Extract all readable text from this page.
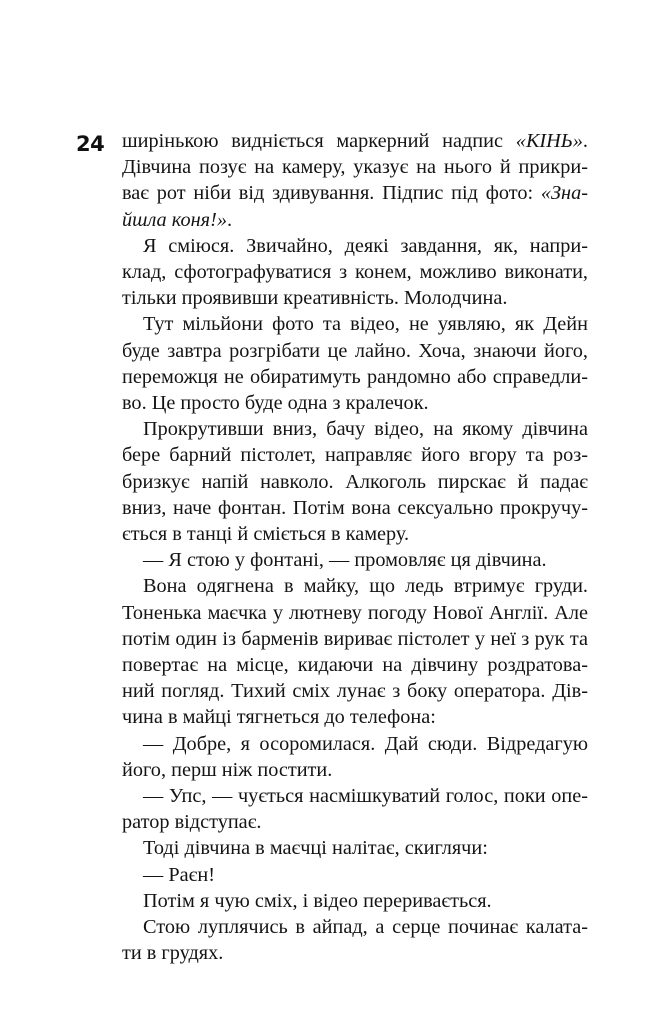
24 ширінькою видніється маркерний надпис «КІНЬ».
Дівчина позує на камеру, указує на нього й прикри-
ває рот ніби від здивування. Підпис під фото: «Зна-
йшла коня!».
Я сміюся. Звичайно, деякі завдання, як, напри-
клад, сфотографуватися з конем, можливо виконати,
тільки проявивши креативність. Молодчина.
Тут мільйони фото та відео, не уявляю, як Дейн
буде завтра розгрібати це лайно. Хоча, знаючи його,
переможця не обиратимуть рандомно або справедли-
во. Це просто буде одна з кралечок.
Прокрутивши вниз, бачу відео, на якому дівчина
бере барний пістолет, направляє його вгору та роз-
бризкує напій навколо. Алкоголь пирскає й падає
вниз, наче фонтан. Потім вона сексуально прокручу-
ється в танці й сміється в камеру.
— Я стою у фонтані, — промовляє ця дівчина.
Вона одягнена в майку, що ледь втримує груди.
Тоненька маєчка у лютневу погоду Нової Англії. Але
потім один із барменів вириває пістолет у неї з рук та
повертає на місце, кидаючи на дівчину роздратова-
ний погляд. Тихий сміх лунає з боку оператора. Дів-
чина в майці тягнеться до телефона:
— Добре, я осоромилася. Дай сюди. Відредагую
його, перш ніж постити.
— Упс, — чується насмішкуватий голос, поки опе-
ратор відступає.
Тоді дівчина в маєчці налітає, скиглячи:
— Раєн!
Потім я чую сміх, і відео переривається.
Стою луплячись в айпад, а серце починає калата-
ти в грудях.
